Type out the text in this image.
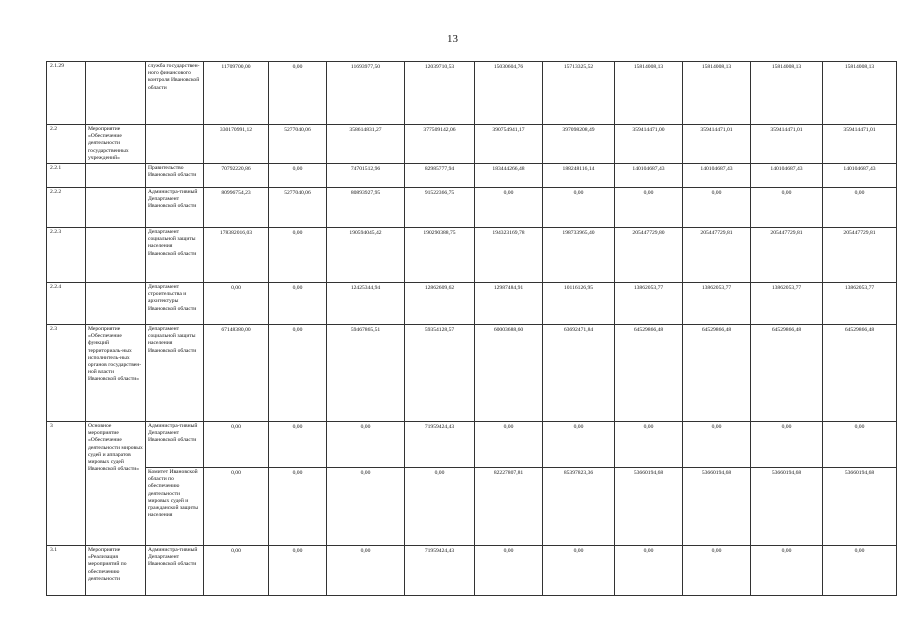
13
2.1.29		служба государствен-ного финансового контроля Ивановской области	11709700,00	0,00	11693977,50	12039710,53	15030604,76	15713325,52	15814008,13	15814008,13	15814008,13	15814008,13
2.2	Мероприятие «Обеспечение деятельности государственных учреждений»		330170991,12	5277040,06	358614831,27	377509142,06	390754941,17	397098208,49	359414471,00	359414471,01	359414471,01	359414471,01
2.2.1		Правительство Ивановской области	70792220,86	0,00	74701512,96	82985777,94	183444266,48	188248116,14	140104687,43	140104687,43	140104687,43	140104687,43
2.2.2		Администра-тивный Департамент Ивановской области	80996754,23	5277040,06	80893927,95	91522366,75	0,00	0,00	0,00	0,00	0,00	0,00
2.2.3		Департамент социальной защиты населения Ивановской области	178382016,03	0,00	190594045,42	190290388,75	194323169,78	198733965,40	205447729,80	205447729,81	205447729,81	205447729,81
2.2.4		Департамент строительства и архитектуры Ивановской области	0,00	0,00	12425344,94	12862609,62	12987484,91	10116126,95	13862053,77	13862053,77	13862053,77	13862053,77
2.3	Мероприятие «Обеспечение функций территориаль-ных исполнитель-ных органов государствен-ной власти Ивановской области»	Департамент социальной защиты населения Ивановской области	67148380,00	0,00	59467865,51	59354128,57	60003688,60	63692471,84	64529866,48	64529866,48	64529866,48	64529866,48
3	Основное мероприятие «Обеспечение деятельности мировых судей и аппаратов мировых судей Ивановской области»	Администра-тивный Департамент Ивановской области	0,00	0,00	0,00	71959424,43	0,00	0,00	0,00	0,00	0,00	0,00
		Комитет Ивановской области по обеспечению деятельности мировых судей и гражданской защиты населения	0,00	0,00	0,00	0,00	82227807,81	85397823,36	53660194,68	53660194,68	53660194,68	53660194,68
3.1	Мероприятие «Реализация мероприятий по обеспечению деятельности	Администра-тивный Департамент Ивановской области	0,00	0,00	0,00	71959424,43	0,00	0,00	0,00	0,00	0,00	0,00
